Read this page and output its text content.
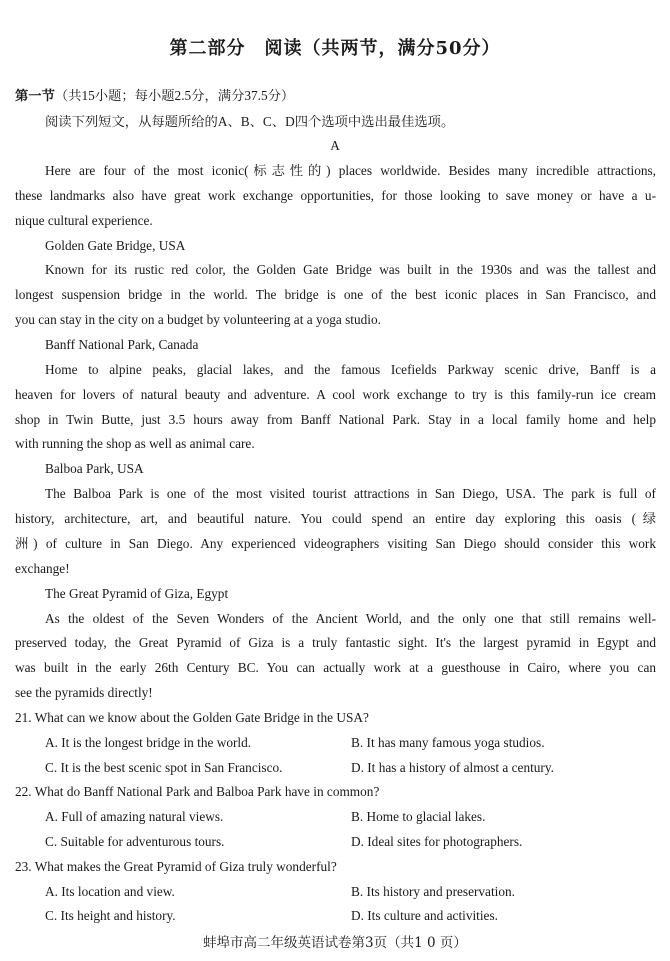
第二部分　阅读（共两节，满分50分）
第一节（共15小题；每小题2.5分，满分37.5分）
阅读下列短文，从每题所给的A、B、C、D四个选项中选出最佳选项。
A
Here are four of the most iconic(标志性的) places worldwide. Besides many incredible attractions,
these landmarks also have great work exchange opportunities, for those looking to save money or have a u-
nique cultural experience.
Golden Gate Bridge, USA
Known for its rustic red color, the Golden Gate Bridge was built in the 1930s and was the tallest and
longest suspension bridge in the world. The bridge is one of the best iconic places in San Francisco, and
you can stay in the city on a budget by volunteering at a yoga studio.
Banff National Park, Canada
Home to alpine peaks, glacial lakes, and the famous Icefields Parkway scenic drive, Banff is a
heaven for lovers of natural beauty and adventure. A cool work exchange to try is this family-run ice cream
shop in Twin Butte, just 3.5 hours away from Banff National Park. Stay in a local family home and help
with running the shop as well as animal care.
Balboa Park, USA
The Balboa Park is one of the most visited tourist attractions in San Diego, USA. The park is full of
history, architecture, art, and beautiful nature. You could spend an entire day exploring this oasis (绿
洲) of culture in San Diego. Any experienced videographers visiting San Diego should consider this work
exchange!
The Great Pyramid of Giza, Egypt
As the oldest of the Seven Wonders of the Ancient World, and the only one that still remains well-
preserved today, the Great Pyramid of Giza is a truly fantastic sight. It's the largest pyramid in Egypt and
was built in the early 26th Century BC. You can actually work at a guesthouse in Cairo, where you can
see the pyramids directly!
21. What can we know about the Golden Gate Bridge in the USA?
A. It is the longest bridge in the world.	B. It has many famous yoga studios.
C. It is the best scenic spot in San Francisco.	D. It has a history of almost a century.
22. What do Banff National Park and Balboa Park have in common?
A. Full of amazing natural views.	B. Home to glacial lakes.
C. Suitable for adventurous tours.	D. Ideal sites for photographers.
23. What makes the Great Pyramid of Giza truly wonderful?
A. Its location and view.	B. Its history and preservation.
C. Its height and history.	D. Its culture and activities.
蚌埠市高二年级英语试卷第3页（共1 0 页）
